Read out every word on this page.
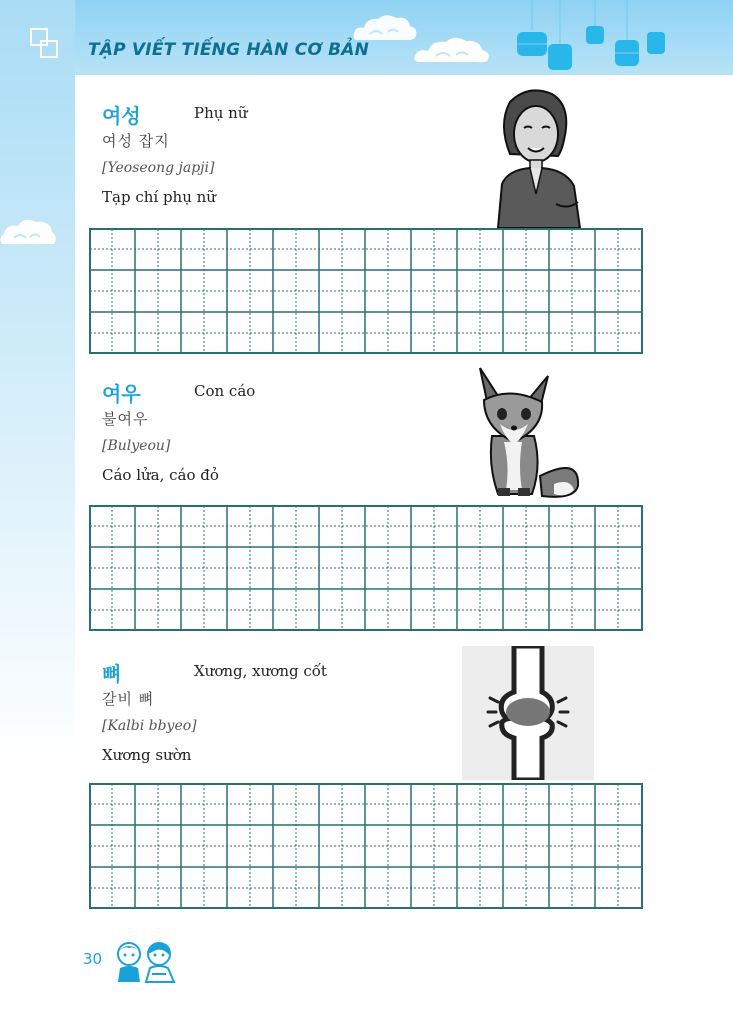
TẬP VIẾT TIẾNG HÀN CƠ BẢN
여성	Phụ nữ
여성 잡지
[Yeoseong japji]
Tạp chí phụ nữ
여우	Con cáo
불여우
[Bulyeou]
Cáo lửa, cáo đỏ
뼈	Xương, xương cốt
갈비 뼈
[Kalbi bbyeo]
Xương sườn
30
